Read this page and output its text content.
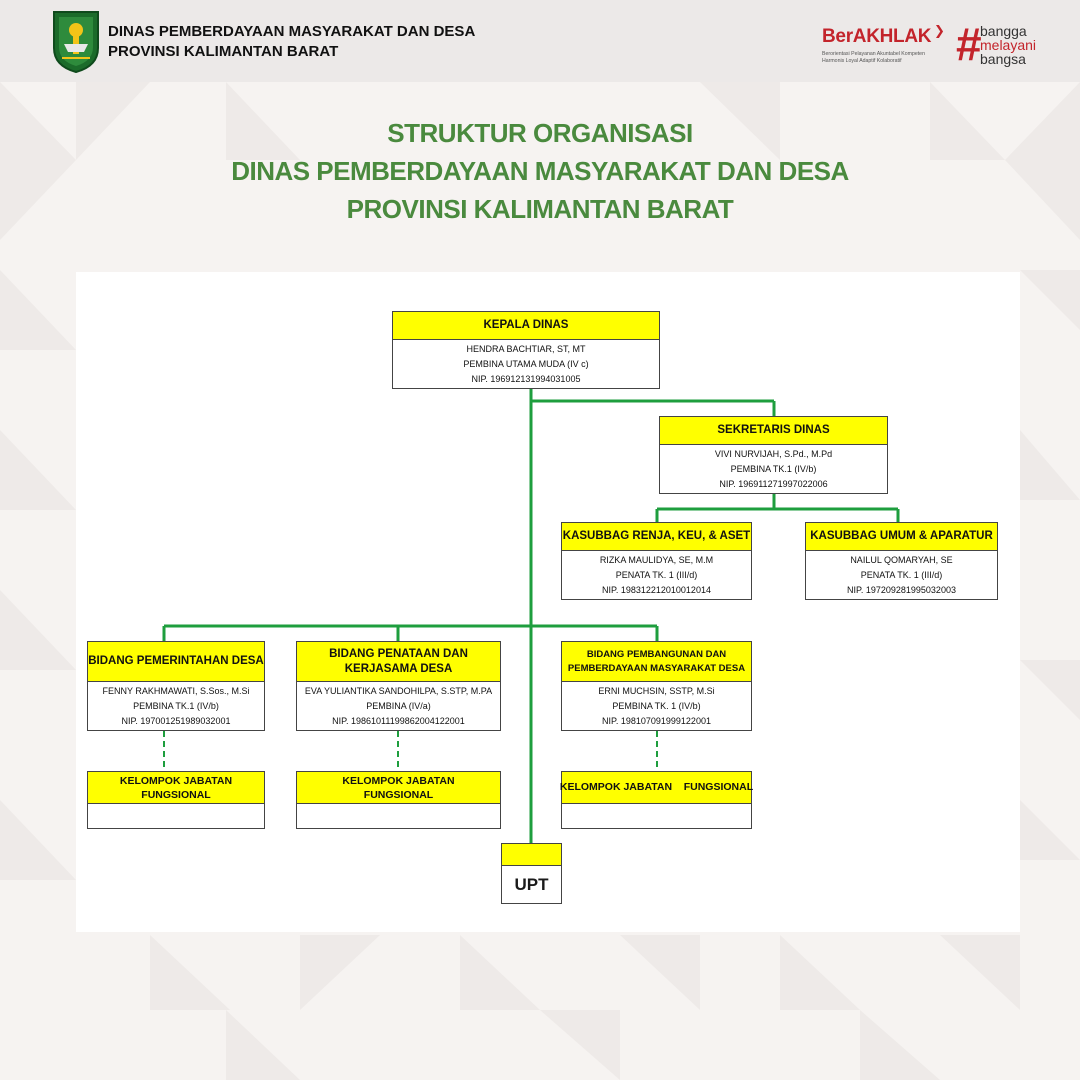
DINAS PEMBERDAYAAN MASYARAKAT DAN DESA
PROVINSI KALIMANTAN BARAT
BerAKHLAK ❯
Berorientasi Pelayanan Akuntabel Kompeten
Harmonis Loyal Adaptif Kolaboratif	#
bangga
melayani
bangsa
STRUKTUR ORGANISASI
DINAS PEMBERDAYAAN MASYARAKAT DAN DESA
PROVINSI KALIMANTAN BARAT
KEPALA DINAS
HENDRA BACHTIAR, ST, MT
PEMBINA UTAMA MUDA (IV c)
NIP. 196912131994031005
SEKRETARIS DINAS
VIVI NURVIJAH, S.Pd., M.Pd
PEMBINA TK.1 (IV/b)
NIP. 196911271997022006
KASUBBAG RENJA, KEU, & ASET
RIZKA MAULIDYA, SE, M.M
PENATA TK. 1 (III/d)
NIP. 198312212010012014
KASUBBAG UMUM & APARATUR
NAILUL QOMARYAH, SE
PENATA TK. 1 (III/d)
NIP. 197209281995032003
BIDANG PEMERINTAHAN DESA
FENNY RAKHMAWATI, S.Sos., M.Si
PEMBINA TK.1 (IV/b)
NIP. 197001251989032001
BIDANG PENATAAN DAN
KERJASAMA DESA
EVA YULIANTIKA SANDOHILPA, S.STP, M.PA
PEMBINA (IV/a)
NIP. 198610111998620041220​01
BIDANG PEMBANGUNAN DAN
PEMBERDAYAAN MASYARAKAT DESA
ERNI MUCHSIN, SSTP, M.Si
PEMBINA TK. 1 (IV/b)
NIP. 198107091999122001
KELOMPOK JABATAN
FUNGSIONAL
KELOMPOK JABATAN
FUNGSIONAL
KELOMPOK JABATAN    FUNGSIONAL
UPT
